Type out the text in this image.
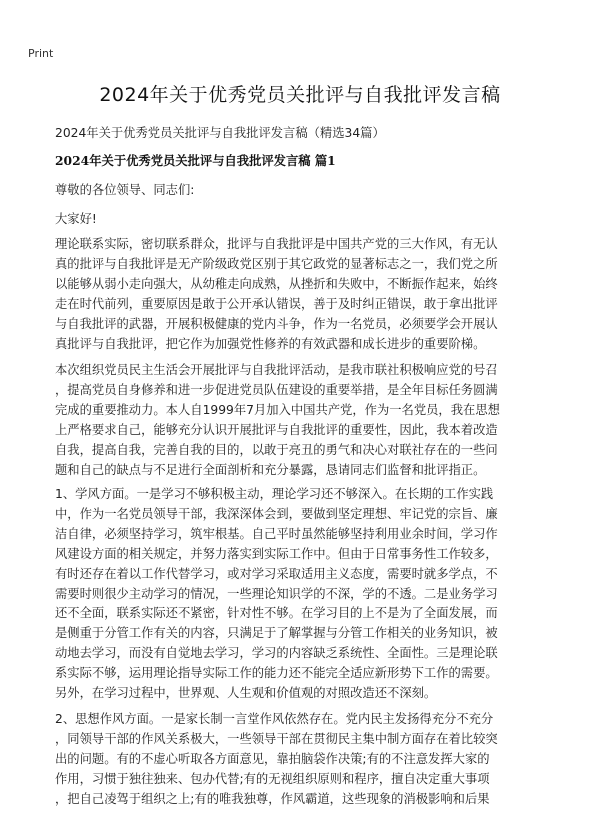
Print
2024年关于优秀党员关批评与自我批评发言稿
2024年关于优秀党员关批评与自我批评发言稿（精选34篇）
2024年关于优秀党员关批评与自我批评发言稿 篇1
尊敬的各位领导、同志们:
大家好!
理论联系实际，密切联系群众，批评与自我批评是中国共产党的三大作风，有无认
真的批评与自我批评是无产阶级政党区别于其它政党的显著标志之一，我们党之所
以能够从弱小走向强大，从幼稚走向成熟，从挫折和失败中，不断振作起来，始终
走在时代前列，重要原因是敢于公开承认错误，善于及时纠正错误，敢于拿出批评
与自我批评的武器，开展积极健康的党内斗争，作为一名党员，必须要学会开展认
真批评与自我批评，把它作为加强党性修养的有效武器和成长进步的重要阶梯。
本次组织党员民主生活会开展批评与自我批评活动，是我市联社积极响应党的号召
，提高党员自身修养和进一步促进党员队伍建设的重要举措，是全年目标任务圆满
完成的重要推动力。本人自1999年7月加入中国共产党，作为一名党员，我在思想
上严格要求自己，能够充分认识开展批评与自我批评的重要性，因此，我本着改造
自我，提高自我，完善自我的目的，以敢于亮丑的勇气和决心对联社存在的一些问
题和自己的缺点与不足进行全面剖析和充分暴露，恳请同志们监督和批评指正。
1、学风方面。一是学习不够积极主动，理论学习还不够深入。在长期的工作实践
中，作为一名党员领导干部，我深深体会到，要做到坚定理想、牢记党的宗旨、廉
洁自律，必须坚持学习，筑牢根基。自己平时虽然能够坚持利用业余时间，学习作
风建设方面的相关规定，并努力落实到实际工作中。但由于日常事务性工作较多，
有时还存在着以工作代替学习，或对学习采取适用主义态度，需要时就多学点，不
需要时则很少主动学习的情况，一些理论知识学的不深，学的不透。二是业务学习
还不全面，联系实际还不紧密，针对性不够。在学习目的上不是为了全面发展，而
是侧重于分管工作有关的内容，只满足于了解掌握与分管工作相关的业务知识，被
动地去学习，而没有自觉地去学习，学习的内容缺乏系统性、全面性。三是理论联
系实际不够，运用理论指导实际工作的能力还不能完全适应新形势下工作的需要。
另外，在学习过程中，世界观、人生观和价值观的对照改造还不深刻。
2、思想作风方面。一是家长制一言堂作风依然存在。党内民主发扬得充分不充分
，同领导干部的作风关系极大，一些领导干部在贯彻民主集中制方面存在着比较突
出的问题。有的不虚心听取各方面意见，靠拍脑袋作决策;有的不注意发挥大家的
作用，习惯于独往独来、包办代替;有的无视组织原则和程序，擅自决定重大事项
，把自己凌驾于组织之上;有的唯我独尊，作风霸道，这些现象的消极影响和后果
